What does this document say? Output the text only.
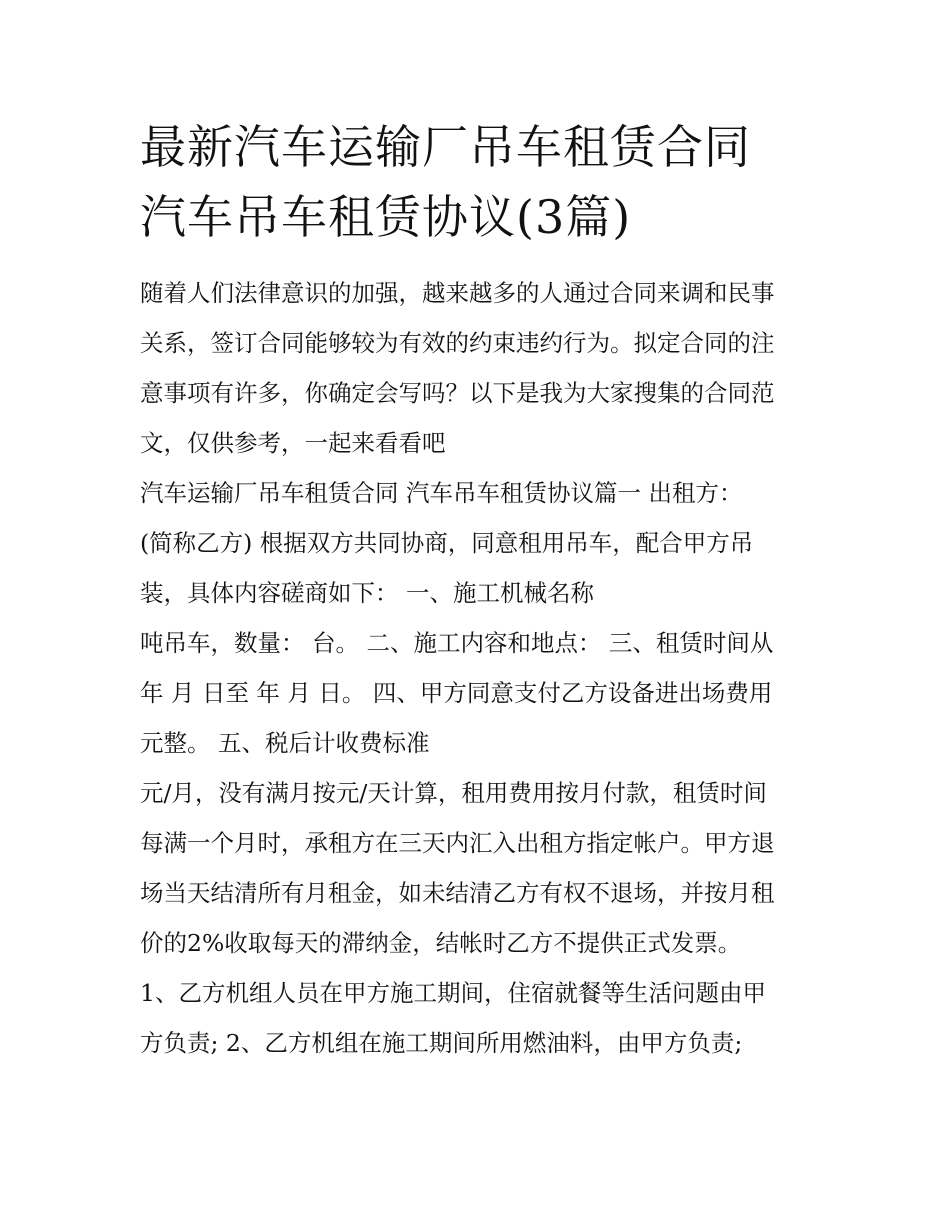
最新汽车运输厂吊车租赁合同
汽车吊车租赁协议(3篇)

随着人们法律意识的加强，越来越多的人通过合同来调和民事
关系，签订合同能够较为有效的约束违约行为。拟定合同的注
意事项有许多，你确定会写吗？以下是我为大家搜集的合同范
文，仅供参考，一起来看看吧

汽车运输厂吊车租赁合同 汽车吊车租赁协议篇一 出租方：
(简称乙方) 根据双方共同协商，同意租用吊车，配合甲方吊
装，具体内容磋商如下： 一、施工机械名称

吨吊车，数量： 台。 二、施工内容和地点： 三、租赁时间从
年 月 日至 年 月 日。 四、甲方同意支付乙方设备进出场费用
元整。 五、税后计收费标准

元/月，没有满月按元/天计算，租用费用按月付款，租赁时间
每满一个月时，承租方在三天内汇入出租方指定帐户。甲方退
场当天结清所有月租金，如未结清乙方有权不退场，并按月租
价的2%收取每天的滞纳金，结帐时乙方不提供正式发票。

1、乙方机组人员在甲方施工期间，住宿就餐等生活问题由甲
方负责; 2、乙方机组在施工期间所用燃油料，由甲方负责;
